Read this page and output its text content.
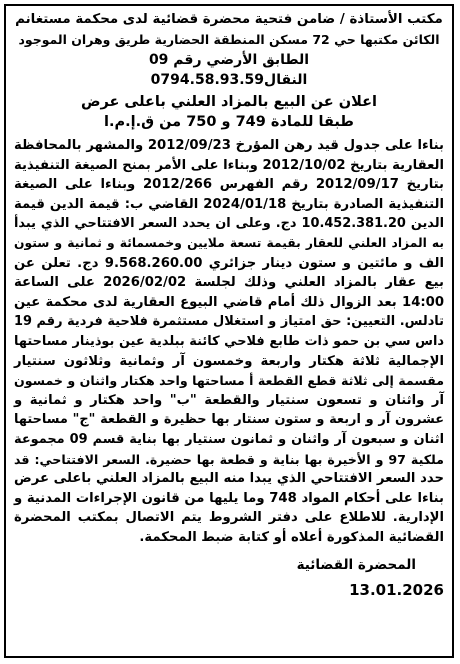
مكتب الأستاذة / ضامن فتحية محضرة قضائية لدى محكمة مستغانم
الكائن مكتبها حي 72 مسكن المنطقة الحضارية طريق وهران الموجود
الطابق الأرضي رقم 09
النقال0794.58.93.59
اعلان عن البيع بالمزاد العلني باعلى عرض
طبقا للمادة 749 و 750 من ق.إ.م.ا
بناءا على جدول قيد رهن المؤرخ 2012/09/23 والمشهر بالمحافظة
العقارية بتاريخ 2012/10/02 وبناءا على الأمر بمنح الصيغة التنفيذية
بتاريخ 2012/09/17 رقم الفهرس 2012/266 وبناءا على الصيغة
التنفيذية الصادرة بتاريخ 2024/01/18 القاضي ب: قيمة الدين قيمة
الدين 10.452.381.20 دج. وعلى ان يحدد السعر الافتتاحي الذي يبدأ
به المزاد العلني للعقار بقيمة تسعة ملايين وخمسمائة و ثمانية و ستون
الف و مائتين و ستون دينار جزائري 9.568.260.00 دج. تعلن عن
بيع عقار بالمزاد العلني وذلك لجلسة 2026/02/02 على الساعة
14:00 بعد الزوال ذلك أمام قاضي البيوع العقارية لدى محكمة عين
تادلس. التعيين: حق امتياز و استغلال مستثمرة فلاحية فردية رقم 19
داس سي بن حمو ذات طابع فلاحي كائنة ببلدية عين بوذينار مساحتها
الإجمالية ثلاثة هكتار واربعة وخمسون آر وثمانية وثلاثون سنتيار
مقسمة إلى ثلاثة قطع القطعة أ مساحتها واحد هكتار واثنان و خمسون
آر واثنان و تسعون سنتيار والقطعة "ب" واحد هكتار و ثمانية و
عشرون آر و اربعة و ستون سنتار بها حظيرة و القطعة "ج" مساحتها
اثنان و سبعون آر واثنان و ثمانون سنتيار بها بناية قسم 09 مجموعة
ملكية 97 و الأخيرة بها بناية و قطعة بها حضيرة. السعر الافتتاحي: قد
حدد السعر الافتتاحي الذي يبدا منه البيع بالمزاد العلني باعلى عرض
بناءا على أحكام المواد 748 وما يليها من قانون الإجراءات المدنية و
الإدارية. للاطلاع على دفتر الشروط يتم الاتصال بمكتب المحضرة
القضائية المذكورة أعلاه أو كتابة ضبط المحكمة.
المحضرة القضائية
13.01.2026
